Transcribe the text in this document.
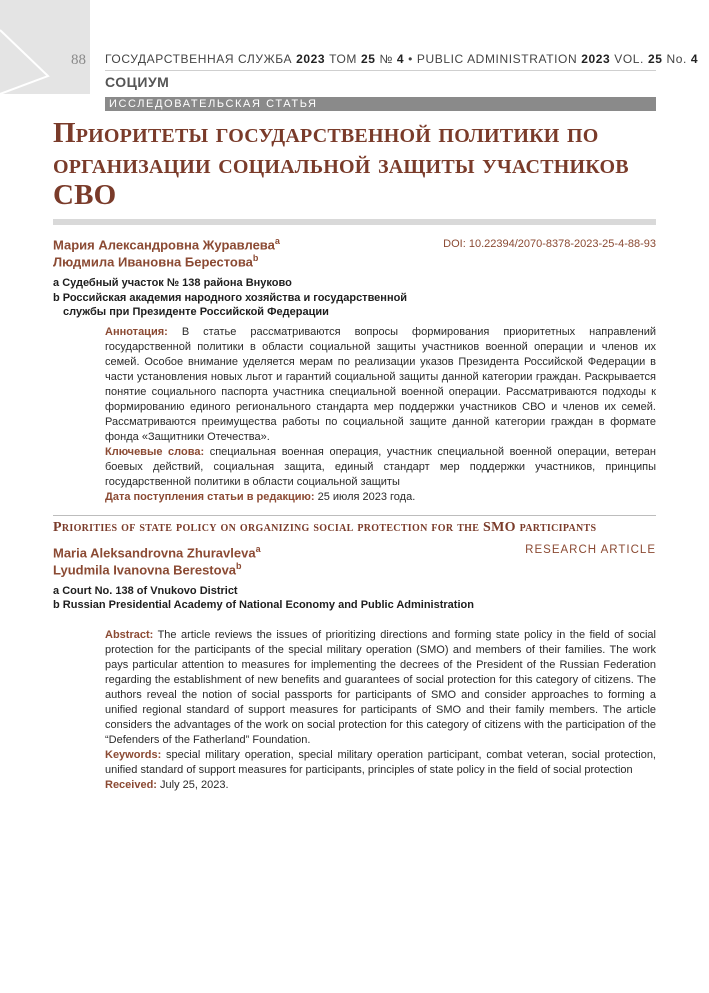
88 ГОСУДАРСТВЕННАЯ СЛУЖБА 2023 ТОМ 25 № 4 • PUBLIC ADMINISTRATION 2023 VOL. 25 No. 4
СОЦИУМ
ИССЛЕДОВАТЕЛЬСКАЯ СТАТЬЯ
Приоритеты государственной политики по организации социальной защиты участников СВО
Мария Александровна Журавлева$^a$
Людмила Ивановна Берестова$^b$
DOI: 10.22394/2070-8378-2023-25-4-88-93
a Судебный участок № 138 района Внуково
b Российская академия народного хозяйства и государственной
службы при Президенте Российской Федерации
Аннотация: В статье рассматриваются вопросы формирования приоритетных направлений государственной политики в области социальной защиты участников военной операции и членов их семей. Особое внимание уделяется мерам по реализации указов Президента Российской Федерации в части установления новых льгот и гарантий социальной защиты данной категории граждан. Раскрывается понятие социального паспорта участника специальной военной операции. Рассматриваются подходы к формированию единого регионального стандарта мер поддержки участников СВО и членов их семей. Рассматриваются преимущества работы по социальной защите данной категории граждан в формате фонда «Защитники Отечества».
Ключевые слова: специальная военная операция, участник специальной военной операции, ветеран боевых действий, социальная защита, единый стандарт мер поддержки участников, принципы государственной политики в области социальной защиты
Дата поступления статьи в редакцию: 25 июля 2023 года.
Priorities of state policy on organizing social protection for the SMO participants
Maria Aleksandrovna Zhuravleva$^a$
Lyudmila Ivanovna Berestova$^b$
RESEARCH ARTICLE
a Court No. 138 of Vnukovo District
b Russian Presidential Academy of National Economy and Public Administration
Abstract: The article reviews the issues of prioritizing directions and forming state policy in the field of social protection for the participants of the special military operation (SMO) and members of their families. The work pays particular attention to measures for implementing the decrees of the President of the Russian Federation regarding the establishment of new benefits and guarantees of social protection for this category of citizens. The authors reveal the notion of social passports for participants of SMO and consider approaches to forming a unified regional standard of support measures for participants of SMO and their family members. The article considers the advantages of the work on social protection for this category of citizens with the participation of the “Defenders of the Fatherland” Foundation.
Keywords: special military operation, special military operation participant, combat veteran, social protection, unified standard of support measures for participants, principles of state policy in the field of social protection
Received: July 25, 2023.
